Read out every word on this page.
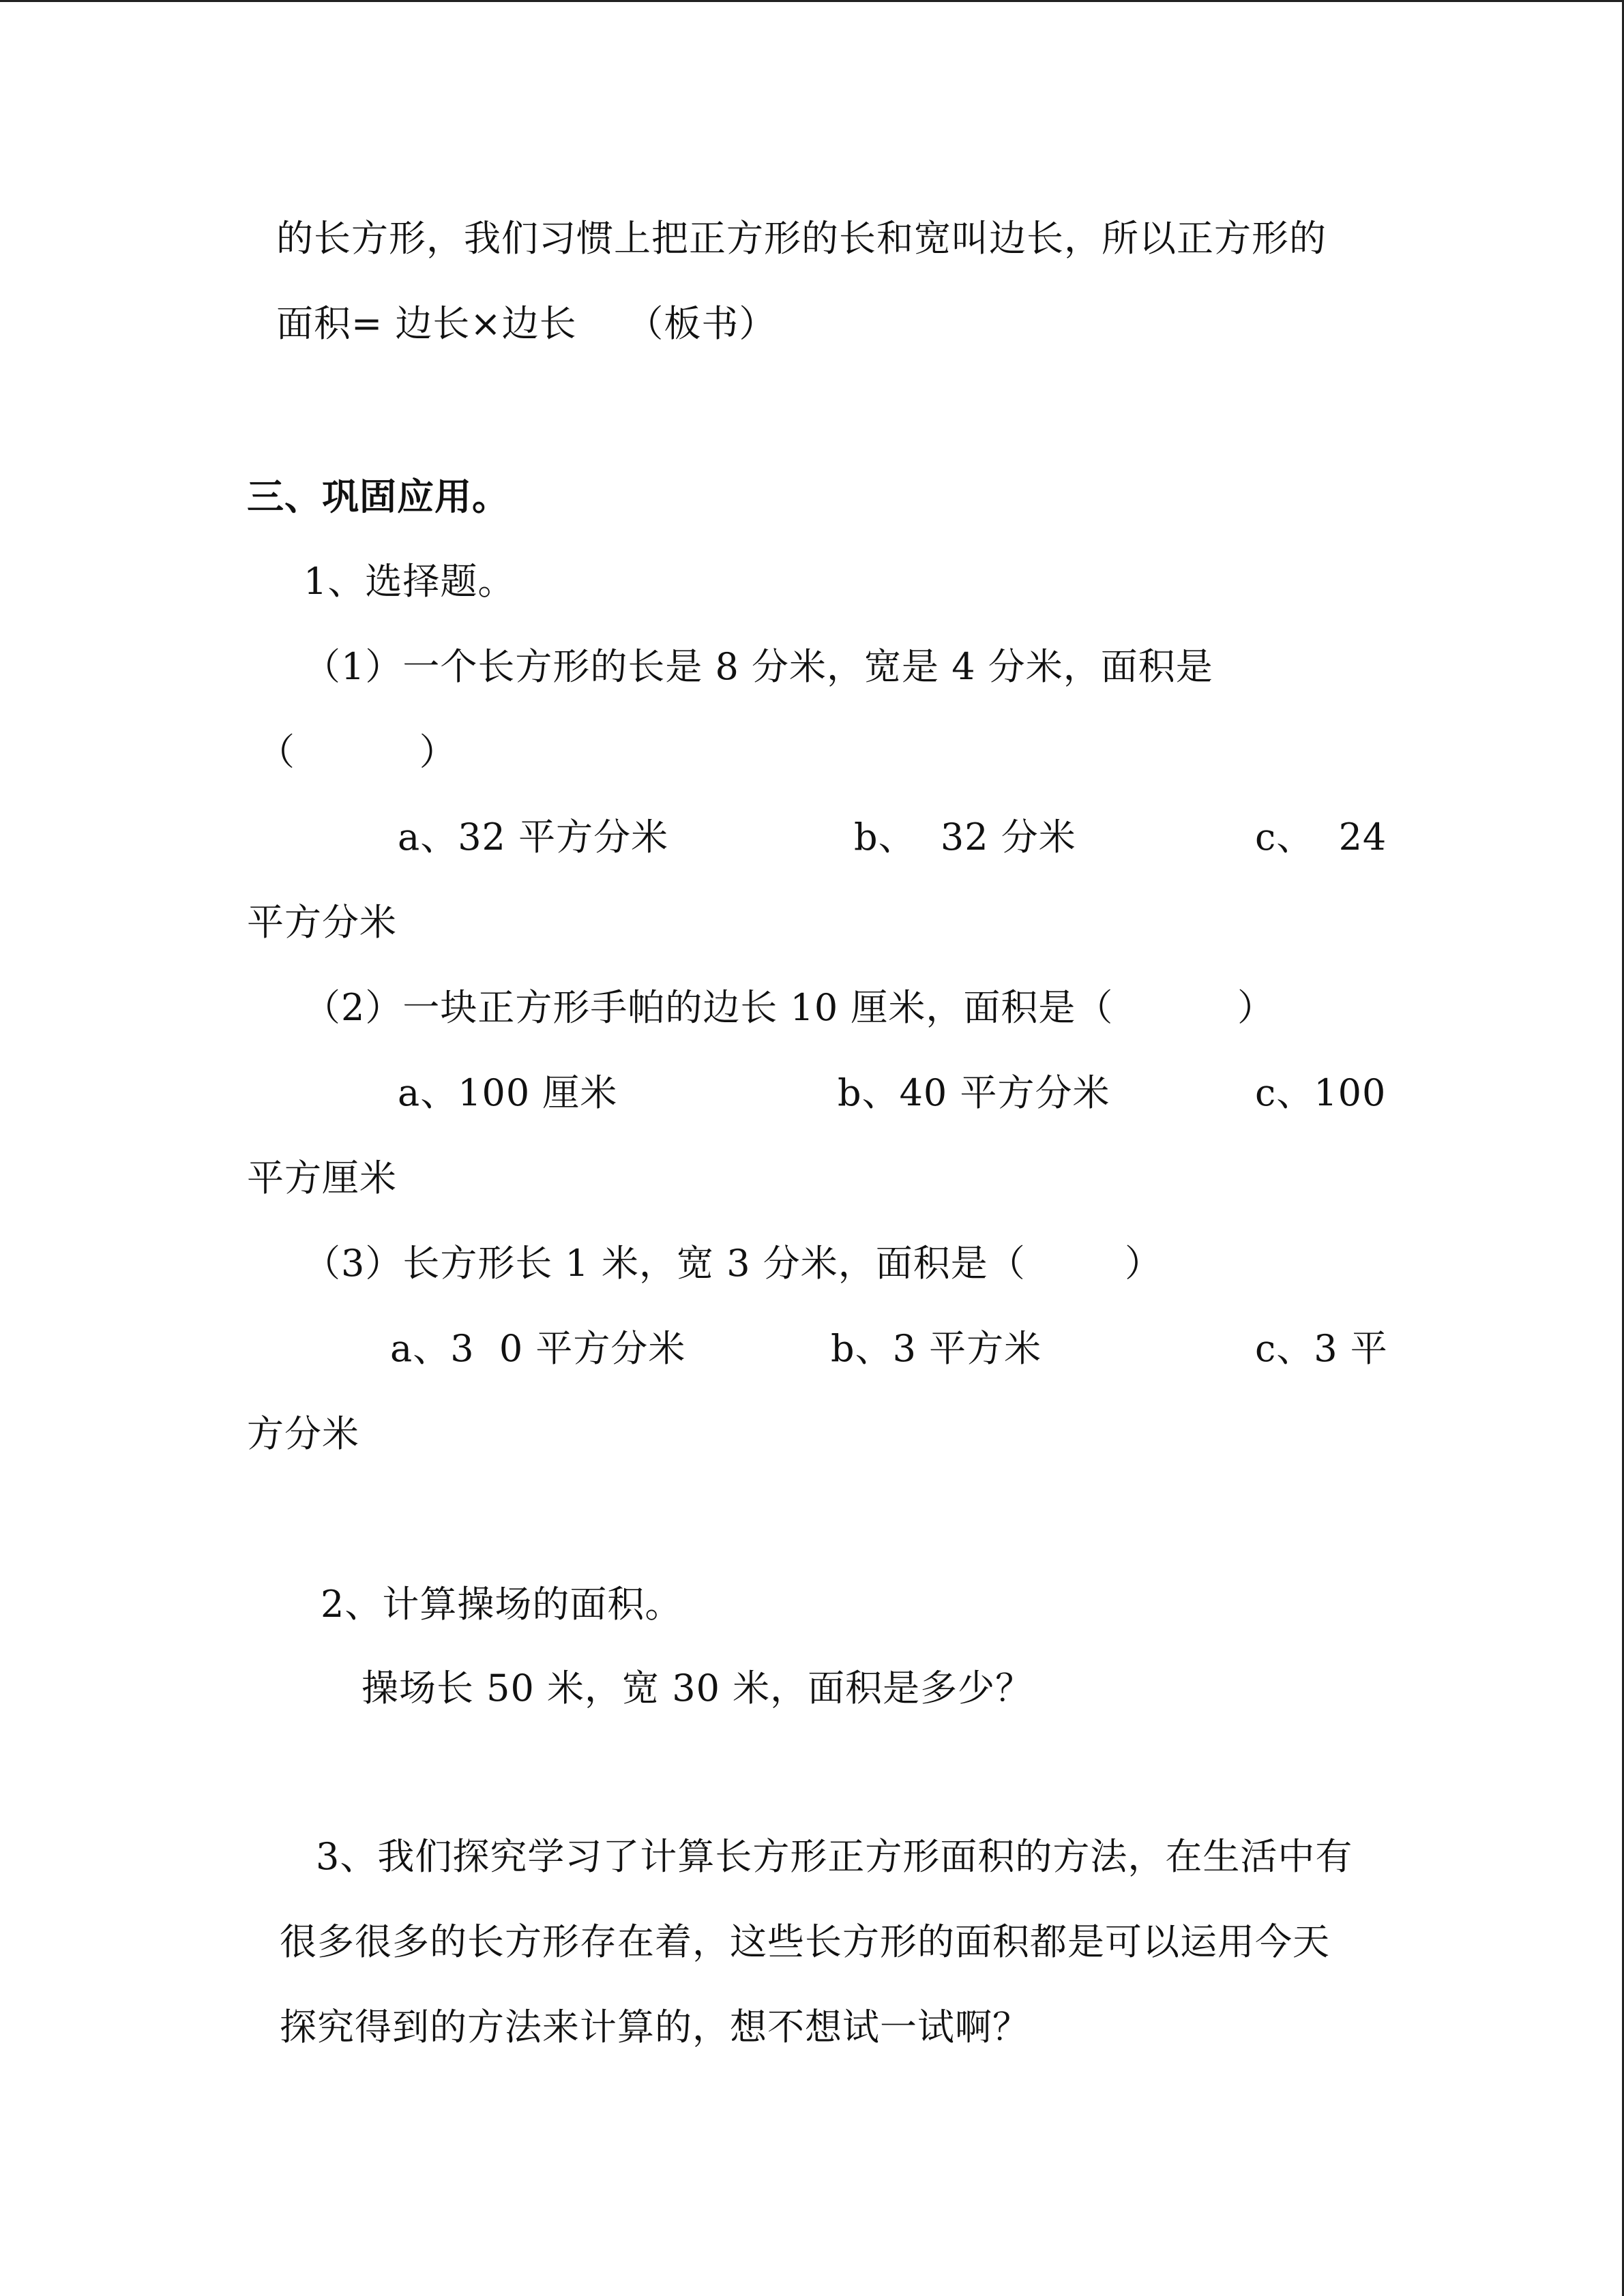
的长方形，我们习惯上把正方形的长和宽叫边长，所以正方形的
面积= 边长×边长    （板书）
三、巩固应用。
1、选择题。
（1）一个长方形的长是 8 分米，宽是 4 分米，面积是
（          ）
a、32 平方分米	b、  32 分米	c、  24
平方分米
（2）一块正方形手帕的边长 10 厘米，面积是（          ）
a、100 厘米	b、40 平方分米	c、100
平方厘米
（3）长方形长 1 米，宽 3 分米，面积是（        ）
a、3  0 平方分米	b、3 平方米	c、3 平
方分米
2、计算操场的面积。
操场长 50 米，宽 30 米，面积是多少？
3、我们探究学习了计算长方形正方形面积的方法，在生活中有
很多很多的长方形存在着，这些长方形的面积都是可以运用今天
探究得到的方法来计算的，想不想试一试啊？
